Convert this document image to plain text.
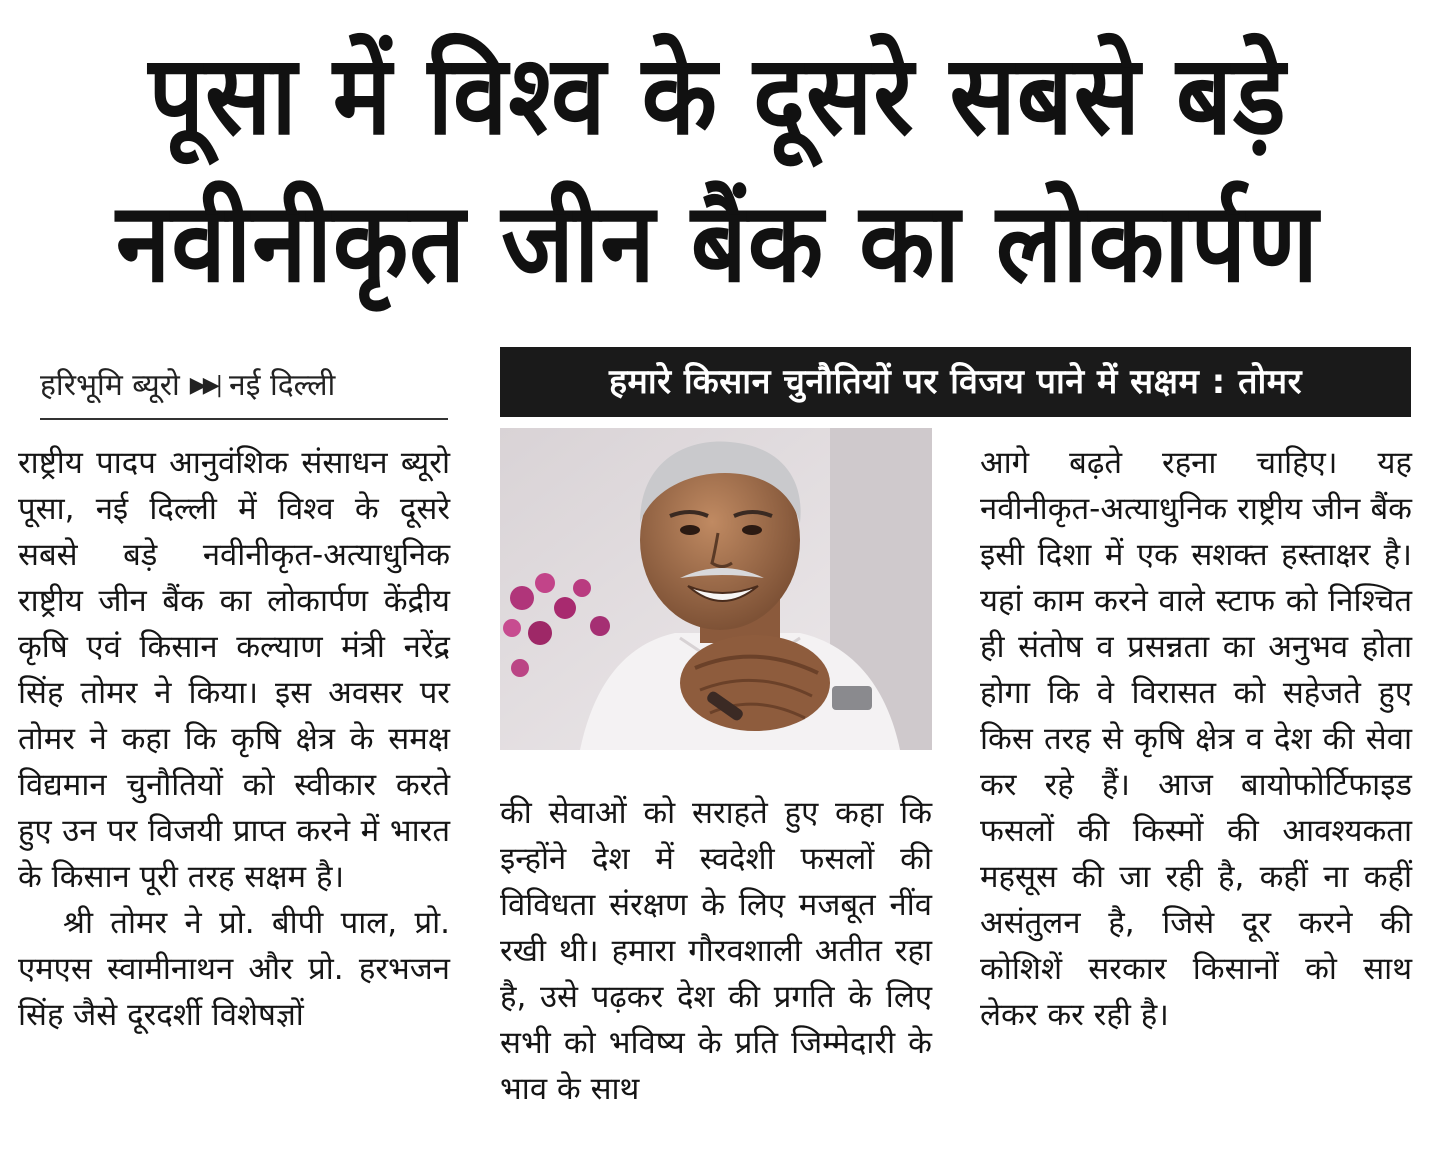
पूसा में विश्व के दूसरे सबसे बड़े
नवीनीकृत जीन बैंक का लोकार्पण
हरिभूमि ब्यूरो ▶▶| नई दिल्ली	हमारे किसान चुनौतियों पर विजय पाने में सक्षम : तोमर

राष्ट्रीय पादप आनुवंशिक संसाधन ब्यूरो पूसा, नई दिल्ली में विश्व के दूसरे सबसे बड़े नवीनीकृत-अत्याधुनिक राष्ट्रीय जीन बैंक का लोकार्पण केंद्रीय कृषि एवं किसान कल्याण मंत्री नरेंद्र सिंह तोमर ने किया। इस अवसर पर तोमर ने कहा कि कृषि क्षेत्र के समक्ष विद्यमान चुनौतियों को स्वीकार करते हुए उन पर विजयी प्राप्त करने में भारत के किसान पूरी तरह सक्षम है।

श्री तोमर ने प्रो. बीपी पाल, प्रो. एमएस स्वामीनाथन और प्रो. हरभजन सिंह जैसे दूरदर्शी विशेषज्ञों

की सेवाओं को सराहते हुए कहा कि इन्होंने देश में स्वदेशी फसलों की विविधता संरक्षण के लिए मजबूत नींव रखी थी। हमारा गौरवशाली अतीत रहा है, उसे पढ़कर देश की प्रगति के लिए सभी को भविष्य के प्रति जिम्मेदारी के भाव के साथ

आगे बढ़ते रहना चाहिए। यह नवीनीकृत-अत्याधुनिक राष्ट्रीय जीन बैंक इसी दिशा में एक सशक्त हस्ताक्षर है। यहां काम करने वाले स्टाफ को निश्चित ही संतोष व प्रसन्नता का अनुभव होता होगा कि वे विरासत को सहेजते हुए किस तरह से कृषि क्षेत्र व देश की सेवा कर रहे हैं। आज बायोफोर्टिफाइड फसलों की किस्मों की आवश्यकता महसूस की जा रही है, कहीं ना कहीं असंतुलन है, जिसे दूर करने की कोशिशें सरकार किसानों को साथ लेकर कर रही है।
